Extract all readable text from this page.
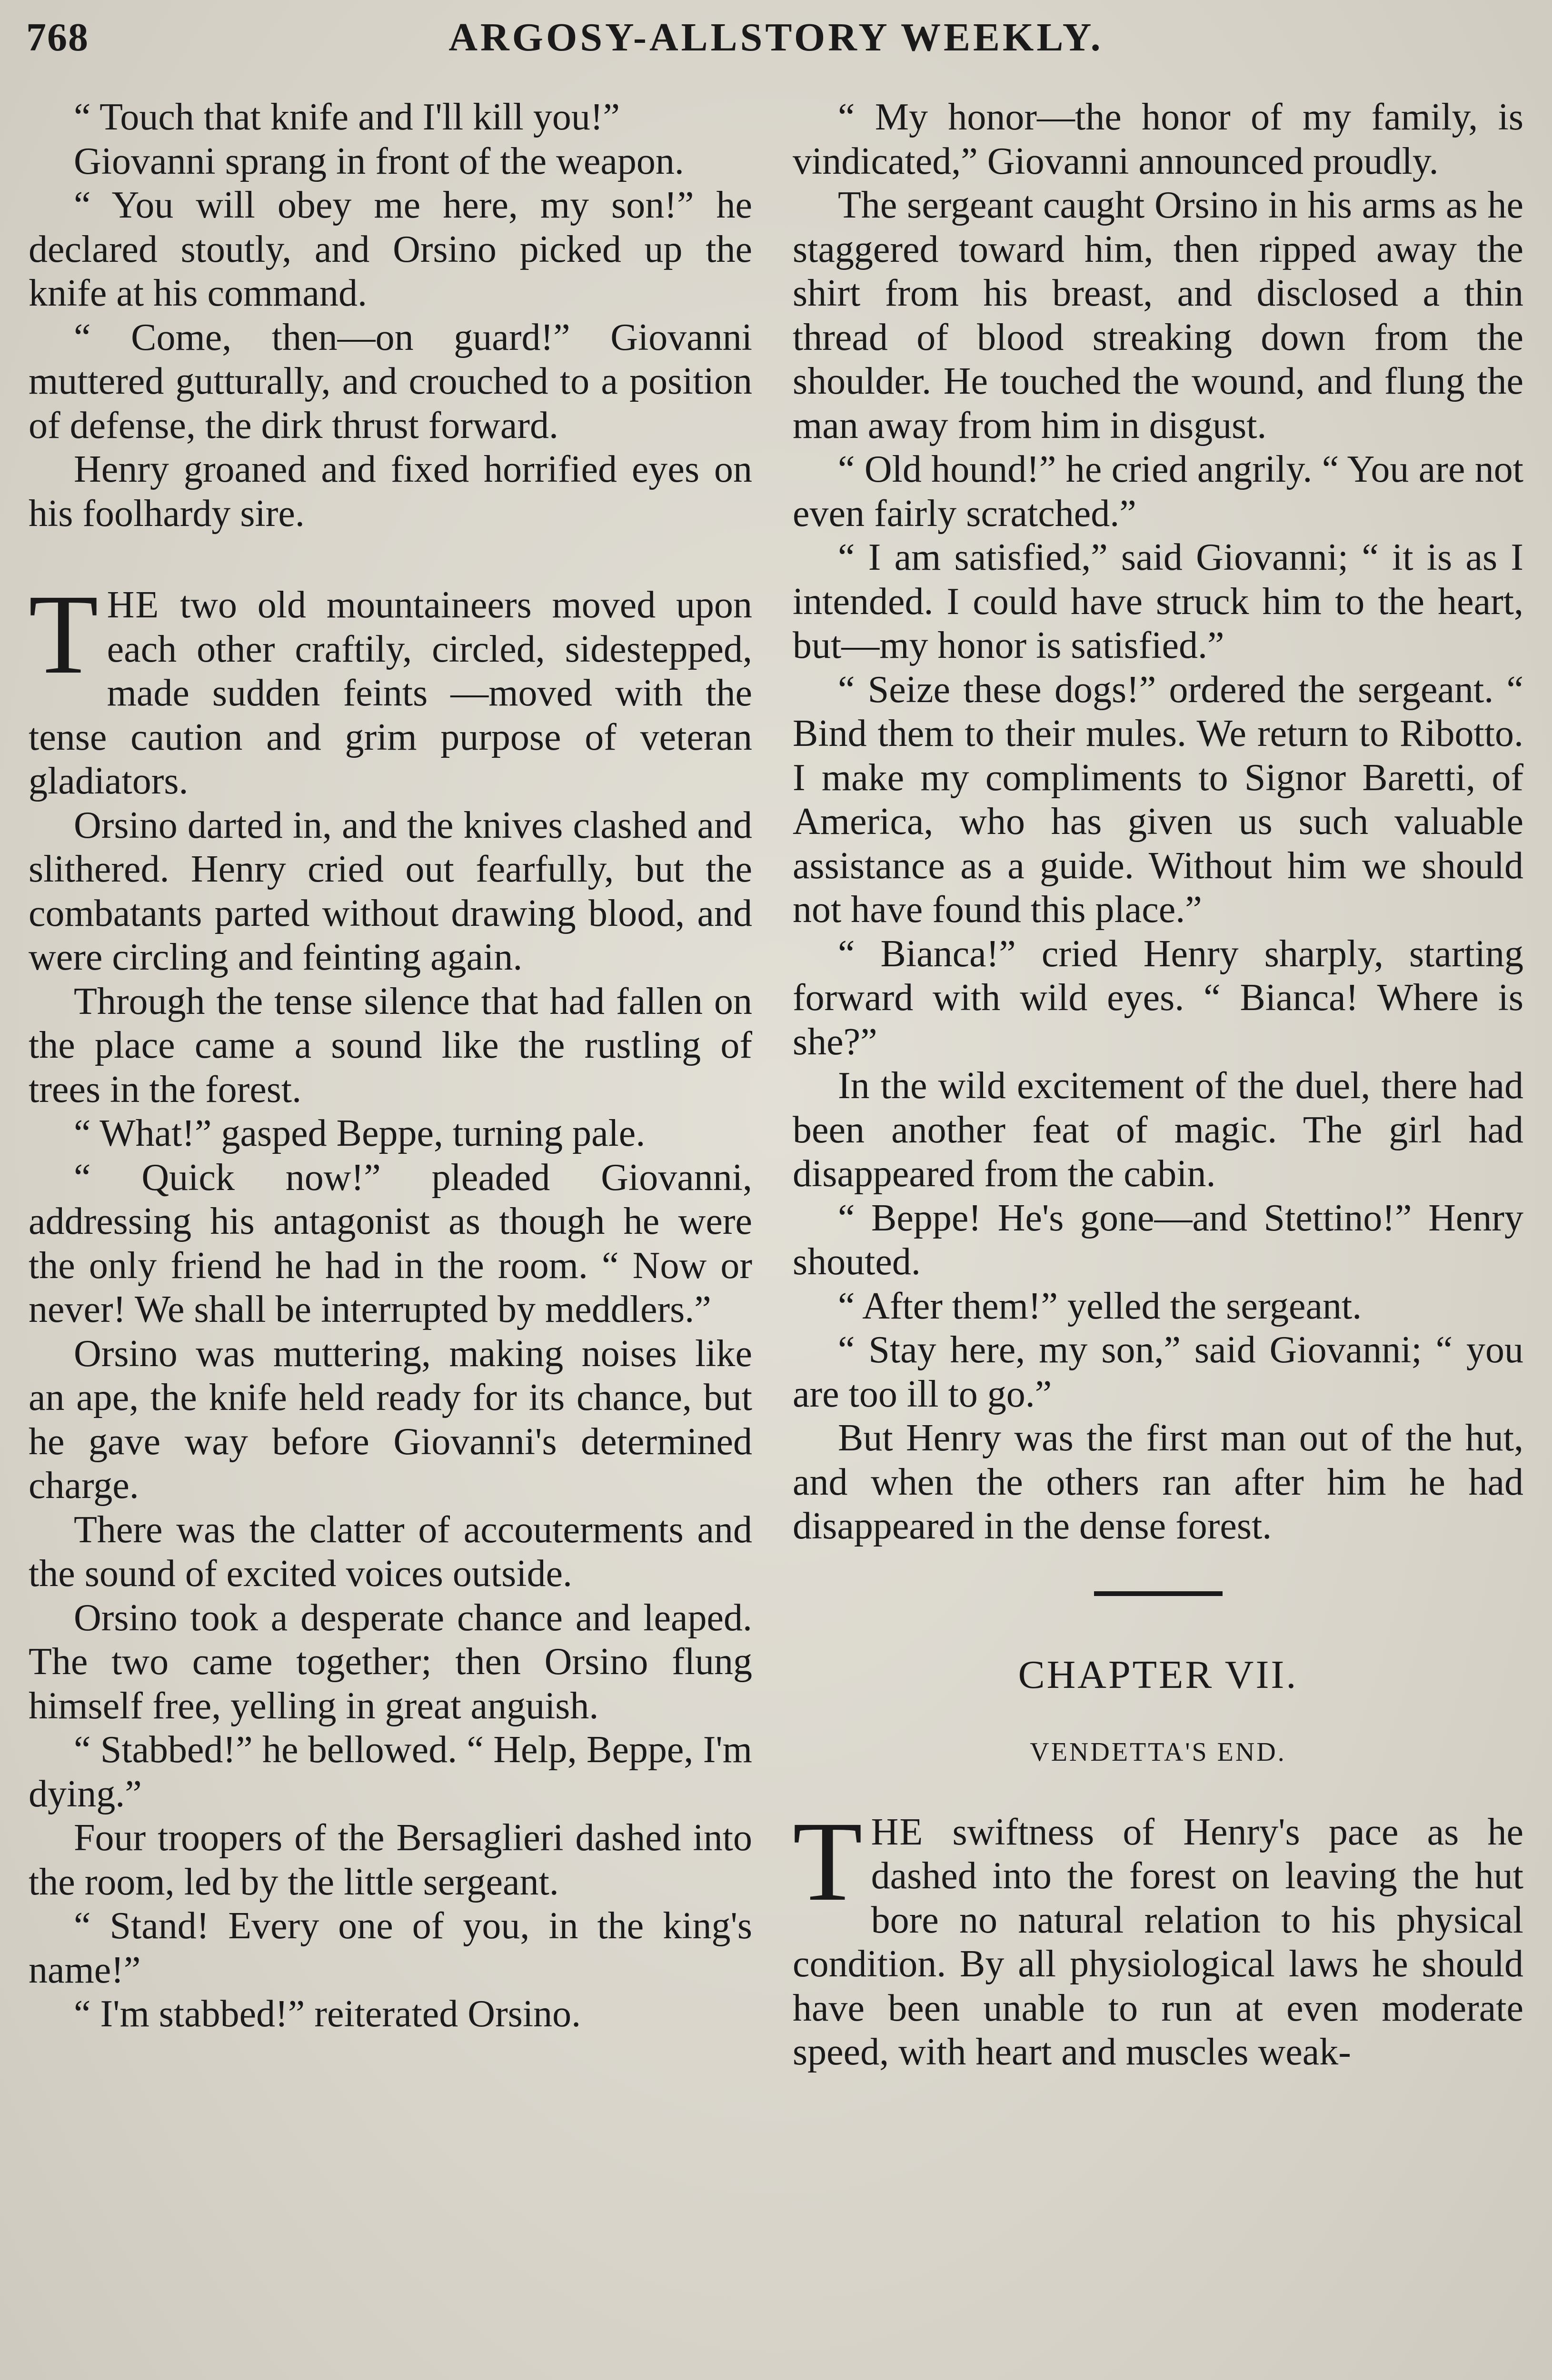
768	ARGOSY-ALLSTORY WEEKLY.

“ Touch that knife and I'll kill you!”

Giovanni sprang in front of the weapon.

“ You will obey me here, my son!” he declared stoutly, and Orsino picked up the knife at his command.

“ Come, then—on guard!” Giovanni muttered gutturally, and crouched to a position of defense, the dirk thrust forward.

Henry groaned and fixed horrified eyes on his foolhardy sire.

THE two old mountaineers moved upon each other craftily, circled, sidestepped, made sudden feints —moved with the tense caution and grim purpose of veteran gladiators.

Orsino darted in, and the knives clashed and slithered. Henry cried out fearfully, but the combatants parted without drawing blood, and were circling and feinting again.

Through the tense silence that had fallen on the place came a sound like the rustling of trees in the forest.

“ What!” gasped Beppe, turning pale.

“ Quick now!” pleaded Giovanni, addressing his antagonist as though he were the only friend he had in the room. “ Now or never! We shall be interrupted by meddlers.”

Orsino was muttering, making noises like an ape, the knife held ready for its chance, but he gave way before Giovanni's determined charge.

There was the clatter of accouterments and the sound of excited voices outside.

Orsino took a desperate chance and leaped. The two came together; then Orsino flung himself free, yelling in great anguish.

“ Stabbed!” he bellowed. “ Help, Beppe, I'm dying.”

Four troopers of the Bersaglieri dashed into the room, led by the little sergeant.

“ Stand! Every one of you, in the king's name!”

“ I'm stabbed!” reiterated Orsino.

“ My honor—the honor of my family, is vindicated,” Giovanni announced proudly.

The sergeant caught Orsino in his arms as he staggered toward him, then ripped away the shirt from his breast, and disclosed a thin thread of blood streaking down from the shoulder. He touched the wound, and flung the man away from him in disgust.

“ Old hound!” he cried angrily. “ You are not even fairly scratched.”

“ I am satisfied,” said Giovanni; “ it is as I intended. I could have struck him to the heart, but—my honor is satisfied.”

“ Seize these dogs!” ordered the sergeant. “ Bind them to their mules. We return to Ribotto. I make my compliments to Signor Baretti, of America, who has given us such valuable assistance as a guide. Without him we should not have found this place.”

“ Bianca!” cried Henry sharply, starting forward with wild eyes. “ Bianca! Where is she?”

In the wild excitement of the duel, there had been another feat of magic. The girl had disappeared from the cabin.

“ Beppe! He's gone—and Stettino!” Henry shouted.

“ After them!” yelled the sergeant.

“ Stay here, my son,” said Giovanni; “ you are too ill to go.”

But Henry was the first man out of the hut, and when the others ran after him he had disappeared in the dense forest.

CHAPTER VII.
VENDETTA'S END.

THE swiftness of Henry's pace as he dashed into the forest on leaving the hut bore no natural relation to his physical condition. By all physiological laws he should have been unable to run at even moderate speed, with heart and muscles weak-
